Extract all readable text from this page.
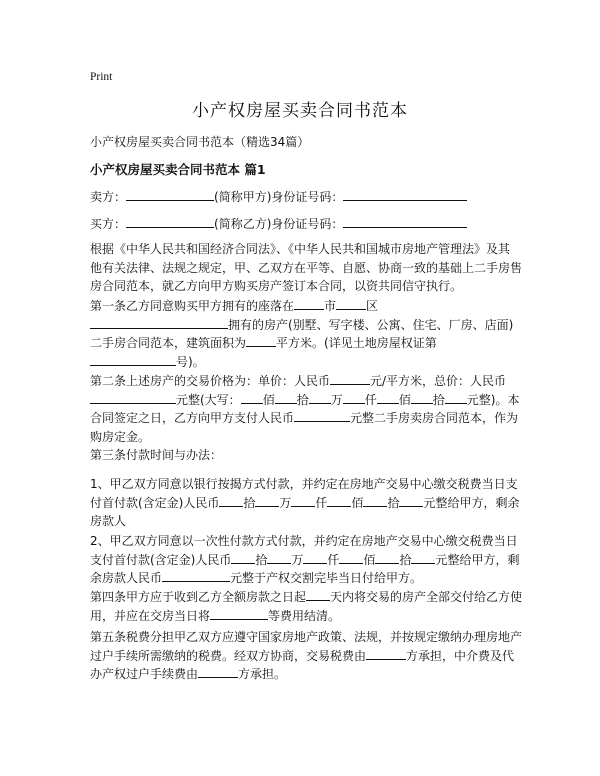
Print
小产权房屋买卖合同书范本
小产权房屋买卖合同书范本（精选34篇）
小产权房屋买卖合同书范本 篇1
卖方：	(简称甲方)身份证号码：
买方：	(简称乙方)身份证号码：
根据《中华人民共和国经济合同法》、《中华人民共和国城市房地产管理法》及其
他有关法律、法规之规定，甲、乙双方在平等、自愿、协商一致的基础上二手房售
房合同范本，就乙方向甲方购买房产签订本合同，以资共同信守执行。
第一条乙方同意购买甲方拥有的座落在	市	区
拥有的房产(别墅、写字楼、公寓、住宅、厂房、店面)
二手房合同范本，建筑面积为	平方米。(详见土地房屋权证第
号)。
第二条上述房产的交易价格为：单价：人民币	元/平方米，总价：人民币
元整(大写： 佰 拾 万 仟 佰 拾 元整)。本
合同签定之日，乙方向甲方支付人民币	元整二手房卖房合同范本，作为
购房定金。
第三条付款时间与办法：
1、甲乙双方同意以银行按揭方式付款，并约定在房地产交易中心缴交税费当日支
付首付款(含定金)人民币 拾 万 仟 佰 拾 元整给甲方，剩余
房款人
2、甲乙双方同意以一次性付款方式付款，并约定在房地产交易中心缴交税费当日
支付首付款(含定金)人民币 拾 万 仟 佰 拾 元整给甲方，剩
余房款人民币	元整于产权交割完毕当日付给甲方。
第四条甲方应于收到乙方全额房款之日起 天内将交易的房产全部交付给乙方使
用，并应在交房当日将	等费用结清。
第五条税费分担甲乙双方应遵守国家房地产政策、法规，并按规定缴纳办理房地产
过户手续所需缴纳的税费。经双方协商，交易税费由	方承担，中介费及代
办产权过户手续费由	方承担。
